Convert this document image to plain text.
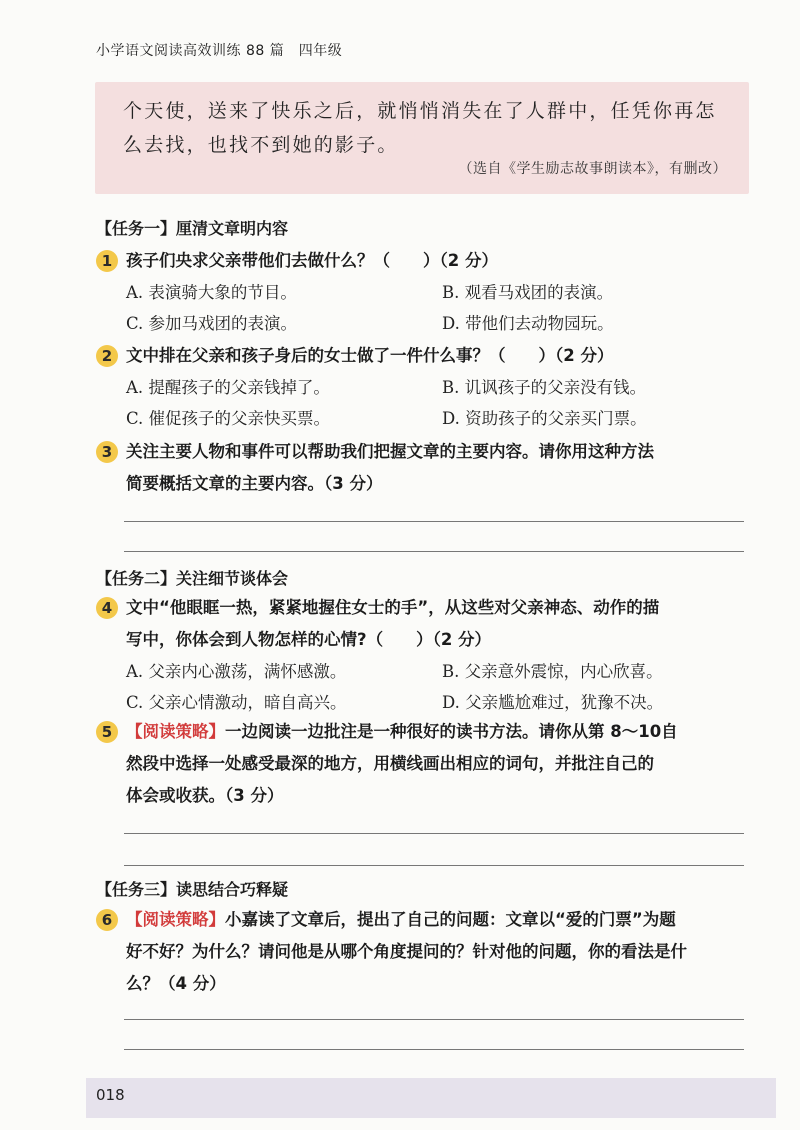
小学语文阅读高效训练 88 篇　四年级
个天使，送来了快乐之后，就悄悄消失在了人群中，任凭你再怎么去找，也找不到她的影子。
（选自《学生励志故事朗读本》，有删改）
【任务一】厘清文章明内容
1 孩子们央求父亲带他们去做什么？（　　）（2 分）
A. 表演骑大象的节目。	B. 观看马戏团的表演。
C. 参加马戏团的表演。	D. 带他们去动物园玩。
2 文中排在父亲和孩子身后的女士做了一件什么事？（　　）（2 分）
A. 提醒孩子的父亲钱掉了。	B. 讥讽孩子的父亲没有钱。
C. 催促孩子的父亲快买票。	D. 资助孩子的父亲买门票。
3 关注主要人物和事件可以帮助我们把握文章的主要内容。请你用这种方法
简要概括文章的主要内容。（3 分）
【任务二】关注细节谈体会
4 文中“他眼眶一热，紧紧地握住女士的手”，从这些对父亲神态、动作的描
写中，你体会到人物怎样的心情?（　　）（2 分）
A. 父亲内心激荡，满怀感激。	B. 父亲意外震惊，内心欣喜。
C. 父亲心情激动，暗自高兴。	D. 父亲尴尬难过，犹豫不决。
5 【阅读策略】一边阅读一边批注是一种很好的读书方法。请你从第 8～10自
然段中选择一处感受最深的地方，用横线画出相应的词句，并批注自己的
体会或收获。（3 分）
【任务三】读思结合巧释疑
6 【阅读策略】小嘉读了文章后，提出了自己的问题：文章以“爱的门票”为题
好不好？为什么？请问他是从哪个角度提问的？针对他的问题，你的看法是什
么？（4 分）
018
